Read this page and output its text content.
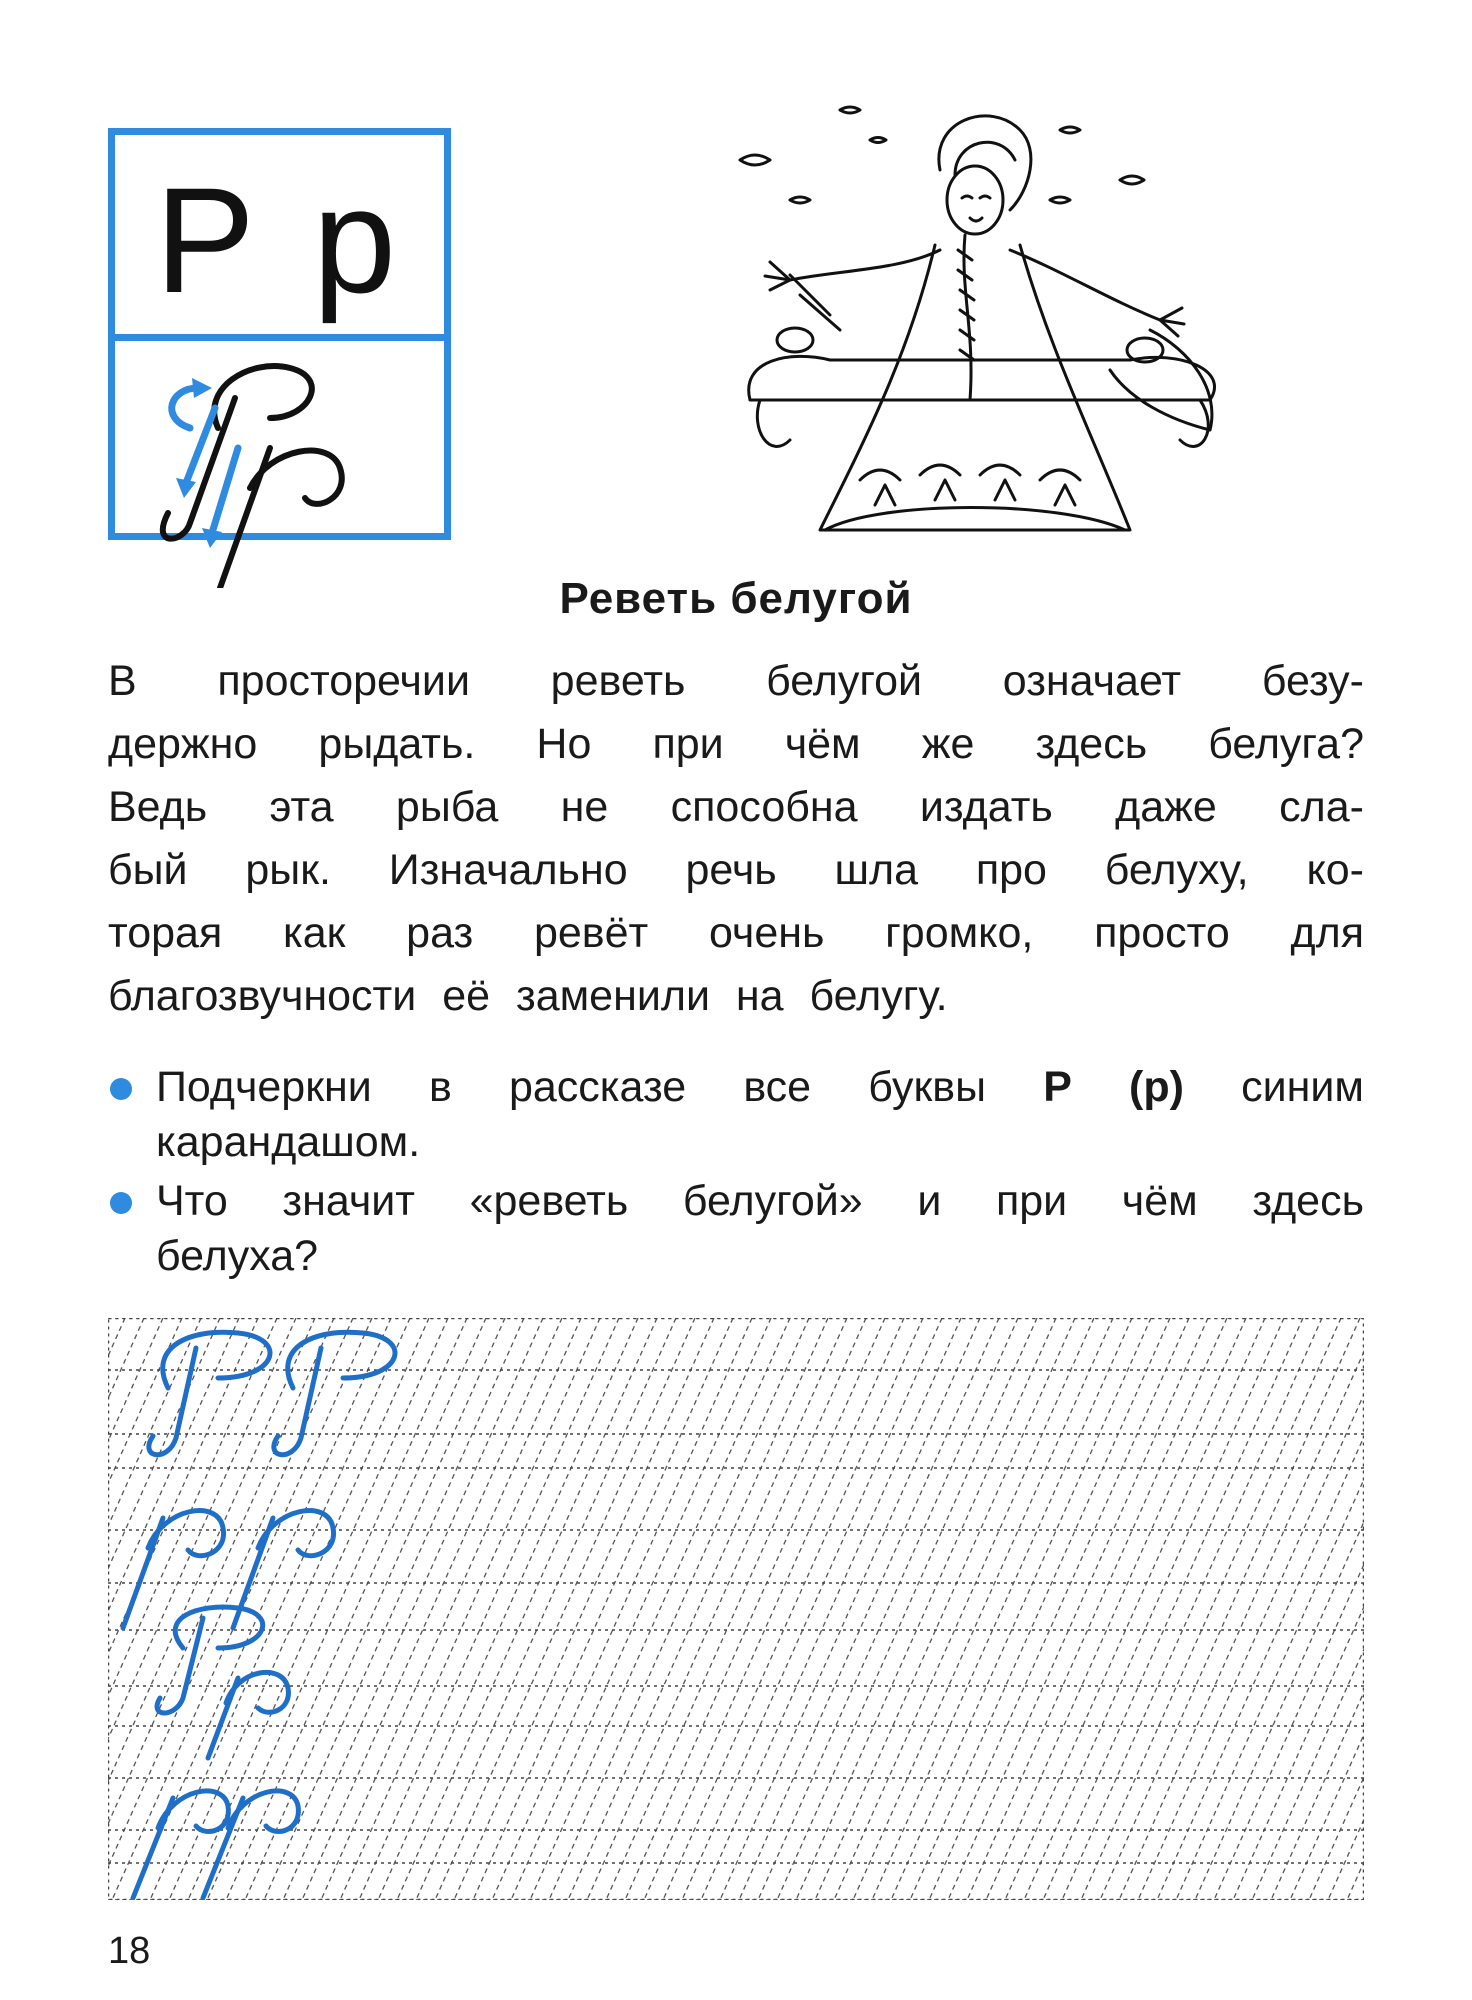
Р р
Реветь белугой
В просторечии реветь белугой означает безу-
держно рыдать. Но при чём же здесь белуга?
Ведь эта рыба не способна издать даже сла-
бый рык. Изначально речь шла про белуху, ко-
торая как раз ревёт очень громко, просто для
благозвучности её заменили на белугу.
Подчеркни в рассказе все буквы Р (р) синим
карандашом.
Что значит «реветь белугой» и при чём здесь
белуха?
18
